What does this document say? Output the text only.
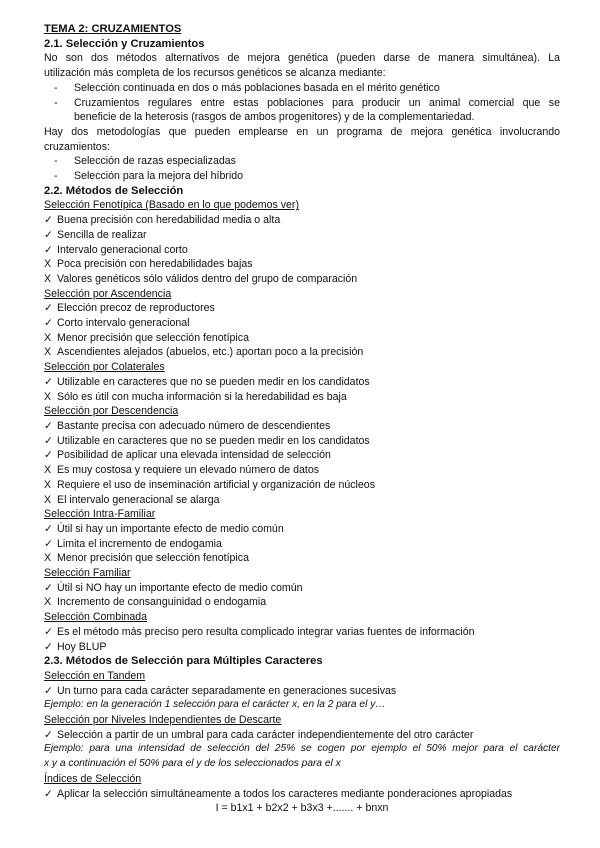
TEMA 2: CRUZAMIENTOS
2.1. Selección y Cruzamientos
No son dos métodos alternativos de mejora genética (pueden darse de manera simultánea). La
utilización más completa de los recursos genéticos se alcanza mediante:
- Selección continuada en dos o más poblaciones basada en el mérito genético
- Cruzamientos regulares entre estas poblaciones para producir un animal comercial que se
beneficie de la heterosis (rasgos de ambos progenitores) y de la complementariedad.
Hay dos metodologías que pueden emplearse en un programa de mejora genética involucrando
cruzamientos:
- Selección de razas especializadas
- Selección para la mejora del híbrido
2.2. Métodos de Selección
Selección Fenotípica (Basado en lo que podemos ver)
✓ Buena precisión con heredabilidad media o alta
✓ Sencilla de realizar
✓ Intervalo generacional corto
X Poca precisión con heredabilidades bajas
X Valores genéticos sólo válidos dentro del grupo de comparación
Selección por Ascendencia
✓ Elección precoz de reproductores
✓ Corto intervalo generacional
X Menor precisión que selección fenotípica
X Ascendientes alejados (abuelos, etc.) aportan poco a la precisión
Selección por Colaterales
✓ Utilizable en caracteres que no se pueden medir en los candidatos
X Sólo es útil con mucha información si la heredabilidad es baja
Selección por Descendencia
✓ Bastante precisa con adecuado número de descendientes
✓ Utilizable en caracteres que no se pueden medir en los candidatos
✓ Posibilidad de aplicar una elevada intensidad de selección
X Es muy costosa y requiere un elevado número de datos
X Requiere el uso de inseminación artificial y organización de núcleos
X El intervalo generacional se alarga
Selección Intra-Familiar
✓ Útil si hay un importante efecto de medio común
✓ Limita el incremento de endogamia
X Menor precisión que selección fenotípica
Selección Familiar
✓ Útil si NO hay un importante efecto de medio común
X Incremento de consanguinidad o endogamia
Selección Combinada
✓ Es el método más preciso pero resulta complicado integrar varias fuentes de información
✓ Hoy BLUP
2.3. Métodos de Selección para Múltiples Caracteres
Selección en Tandem
✓ Un turno para cada carácter separadamente en generaciones sucesivas
Ejemplo: en la generación 1 selección para el carácter x, en la 2 para el y…
Selección por Niveles Independientes de Descarte
✓ Selección a partir de un umbral para cada carácter independientemente del otro carácter
Ejemplo: para una intensidad de selección del 25% se cogen por ejemplo el 50% mejor para el carácter
x y a continuación el 50% para el y de los seleccionados para el x
Índices de Selección
✓ Aplicar la selección simultáneamente a todos los caracteres mediante ponderaciones apropiadas
I = b1x1 + b2x2 + b3x3 +....... + bnxn
